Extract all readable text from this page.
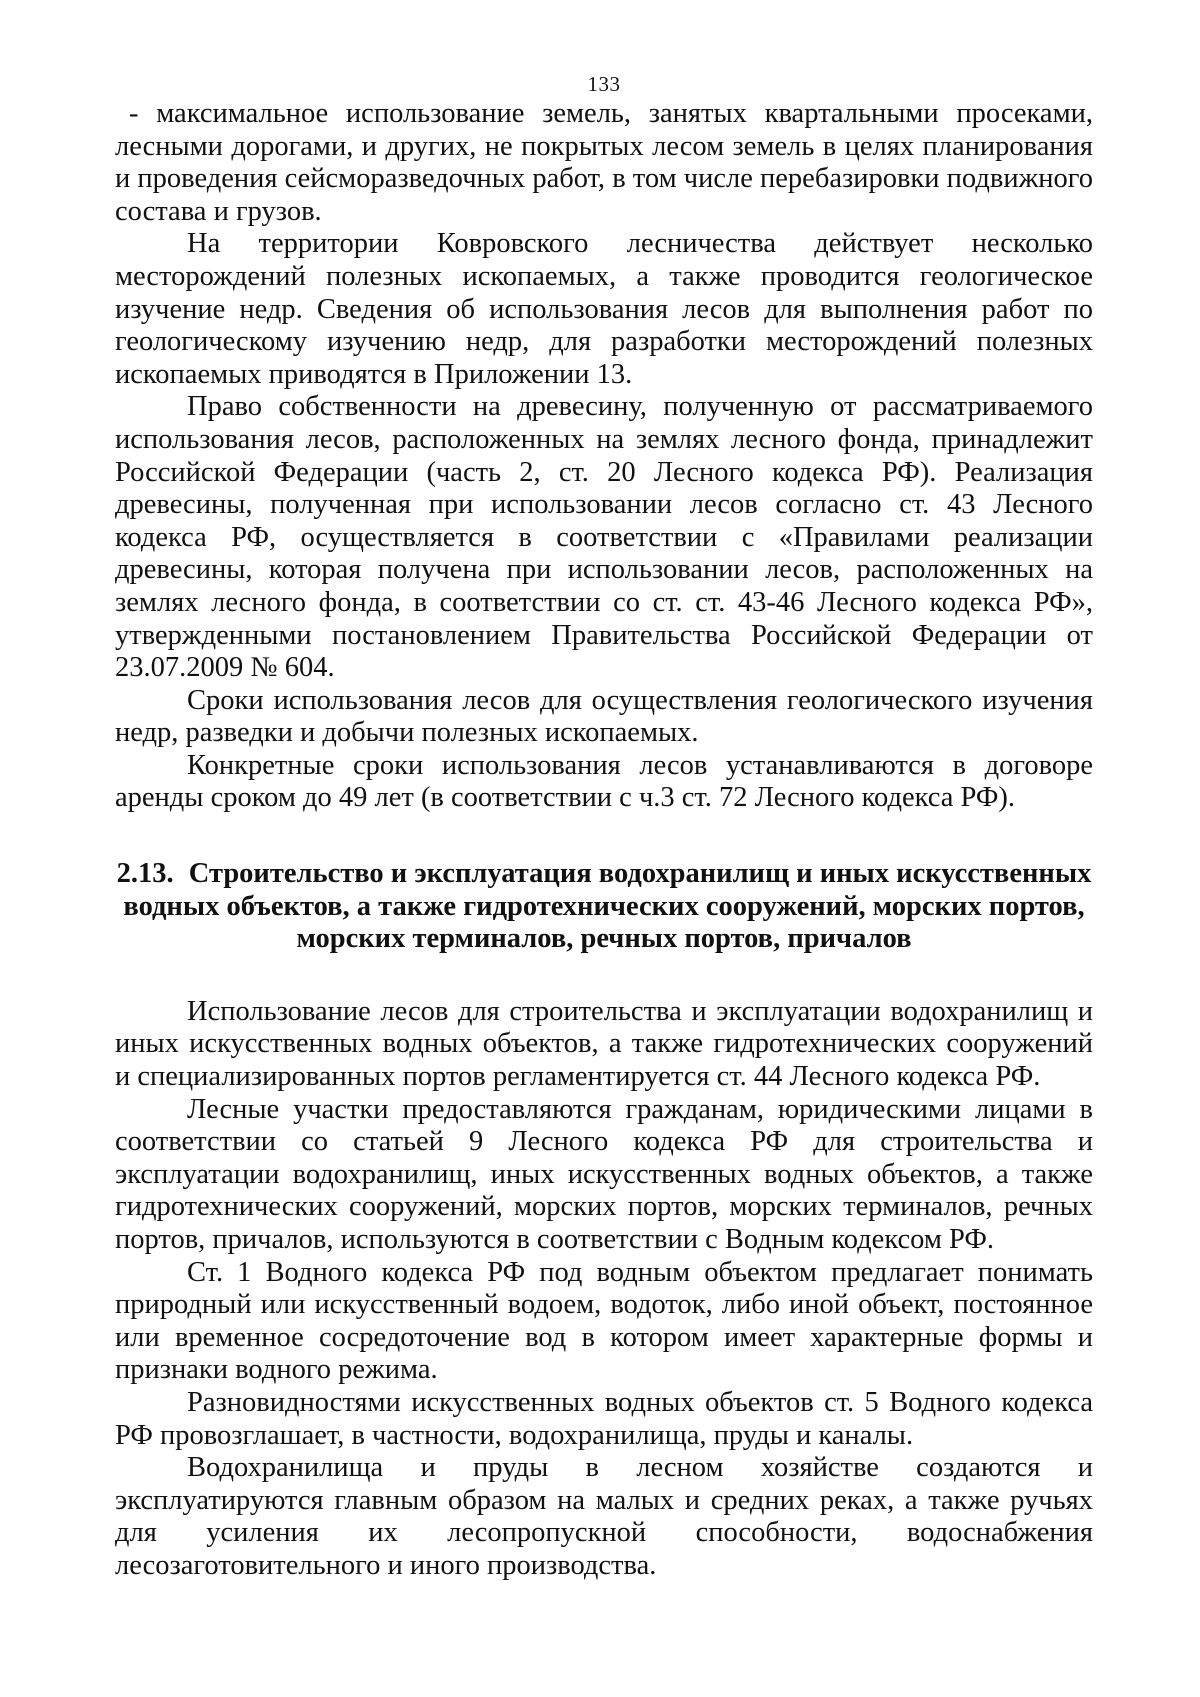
133

- максимальное использование земель, занятых квартальными просеками, лесными дорогами, и других, не покрытых лесом земель в целях планирования и проведения сейсморазведочных работ, в том числе перебазировки подвижного состава и грузов.

На территории Ковровского лесничества действует несколько месторождений полезных ископаемых, а также проводится геологическое изучение недр. Сведения об использования лесов для выполнения работ по геологическому изучению недр, для разработки месторождений полезных ископаемых приводятся в Приложении 13.

Право собственности на древесину, полученную от рассматриваемого использования лесов, расположенных на землях лесного фонда, принадлежит Российской Федерации (часть 2, ст. 20 Лесного кодекса РФ). Реализация древесины, полученная при использовании лесов согласно ст. 43 Лесного кодекса РФ, осуществляется в соответствии с «Правилами реализации древесины, которая получена при использовании лесов, расположенных на землях лесного фонда, в соответствии со ст. ст. 43-46 Лесного кодекса РФ», утвержденными постановлением Правительства Российской Федерации от 23.07.2009 № 604.

Сроки использования лесов для осуществления геологического изучения недр, разведки и добычи полезных ископаемых.

Конкретные сроки использования лесов устанавливаются в договоре аренды сроком до 49 лет (в соответствии с ч.3 ст. 72 Лесного кодекса РФ).

2.13. Строительство и эксплуатация водохранилищ и иных искусственных водных объектов, а также гидротехнических сооружений, морских портов, морских терминалов, речных портов, причалов

Использование лесов для строительства и эксплуатации водохранилищ и иных искусственных водных объектов, а также гидротехнических сооружений и специализированных портов регламентируется ст. 44 Лесного кодекса РФ.

Лесные участки предоставляются гражданам, юридическими лицами в соответствии со статьей 9 Лесного кодекса РФ для строительства и эксплуатации водохранилищ, иных искусственных водных объектов, а также гидротехнических сооружений, морских портов, морских терминалов, речных портов, причалов, используются в соответствии с Водным кодексом РФ.

Ст. 1 Водного кодекса РФ под водным объектом предлагает понимать природный или искусственный водоем, водоток, либо иной объект, постоянное или временное сосредоточение вод в котором имеет характерные формы и признаки водного режима.

Разновидностями искусственных водных объектов ст. 5 Водного кодекса РФ провозглашает, в частности, водохранилища, пруды и каналы.

Водохранилища и пруды в лесном хозяйстве создаются и эксплуатируются главным образом на малых и средних реках, а также ручьях для усиления их лесопропускной способности, водоснабжения лесозаготовительного и иного производства.
